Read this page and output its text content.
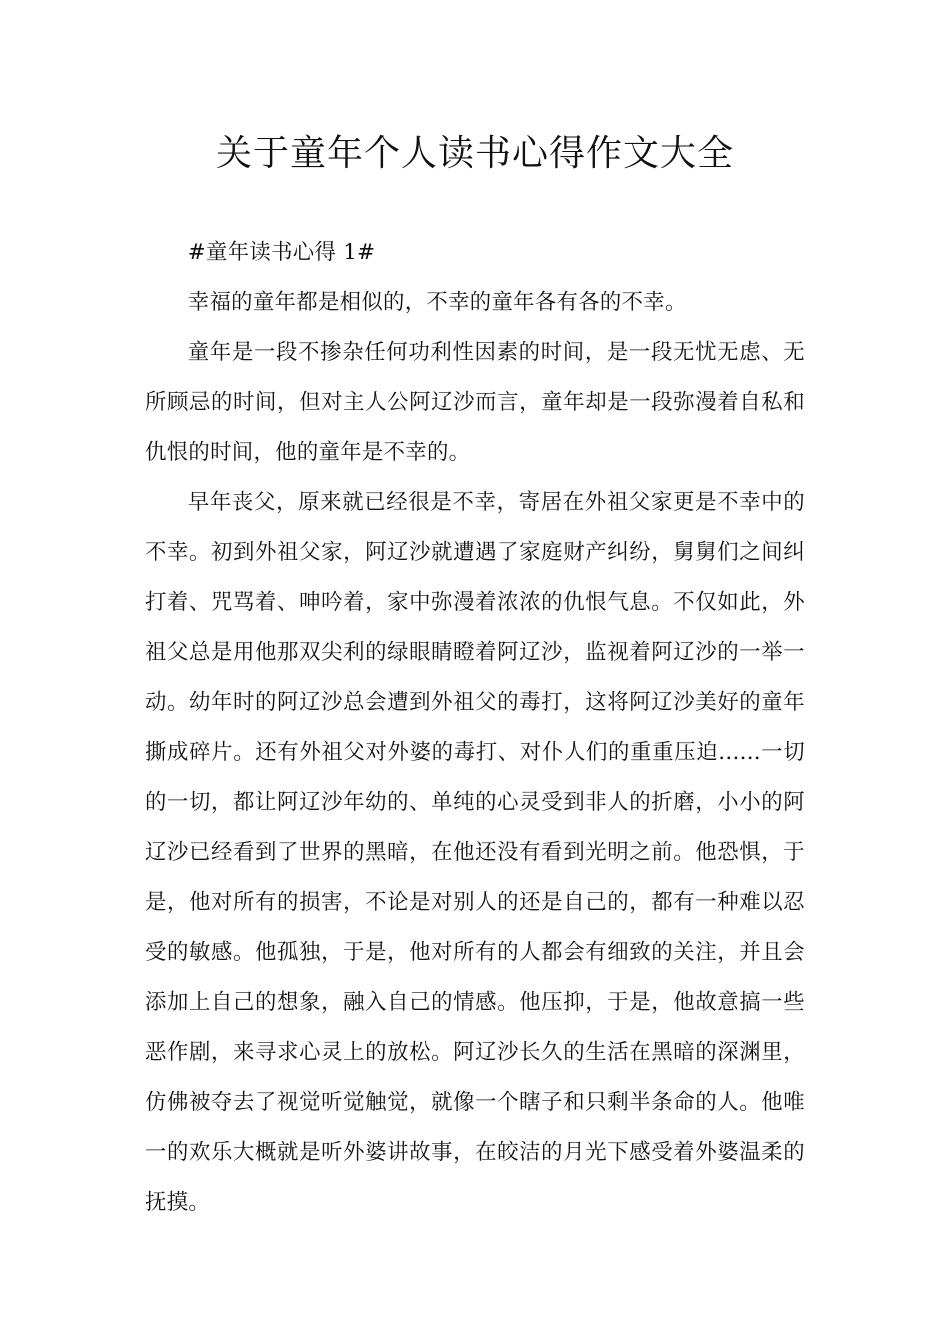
关于童年个人读书心得作文大全

#童年读书心得 1#

幸福的童年都是相似的，不幸的童年各有各的不幸。

童年是一段不掺杂任何功利性因素的时间，是一段无忧无虑、无所顾忌的时间，但对主人公阿辽沙而言，童年却是一段弥漫着自私和仇恨的时间，他的童年是不幸的。

早年丧父，原来就已经很是不幸，寄居在外祖父家更是不幸中的不幸。初到外祖父家，阿辽沙就遭遇了家庭财产纠纷，舅舅们之间纠打着、咒骂着、呻吟着，家中弥漫着浓浓的仇恨气息。不仅如此，外祖父总是用他那双尖利的绿眼睛瞪着阿辽沙，监视着阿辽沙的一举一动。幼年时的阿辽沙总会遭到外祖父的毒打，这将阿辽沙美好的童年撕成碎片。还有外祖父对外婆的毒打、对仆人们的重重压迫......一切的一切，都让阿辽沙年幼的、单纯的心灵受到非人的折磨，小小的阿辽沙已经看到了世界的黑暗，在他还没有看到光明之前。他恐惧，于是，他对所有的损害，不论是对别人的还是自己的，都有一种难以忍受的敏感。他孤独，于是，他对所有的人都会有细致的关注，并且会添加上自己的想象，融入自己的情感。他压抑，于是，他故意搞一些恶作剧，来寻求心灵上的放松。阿辽沙长久的生活在黑暗的深渊里，仿佛被夺去了视觉听觉触觉，就像一个瞎子和只剩半条命的人。他唯一的欢乐大概就是听外婆讲故事，在皎洁的月光下感受着外婆温柔的抚摸。
